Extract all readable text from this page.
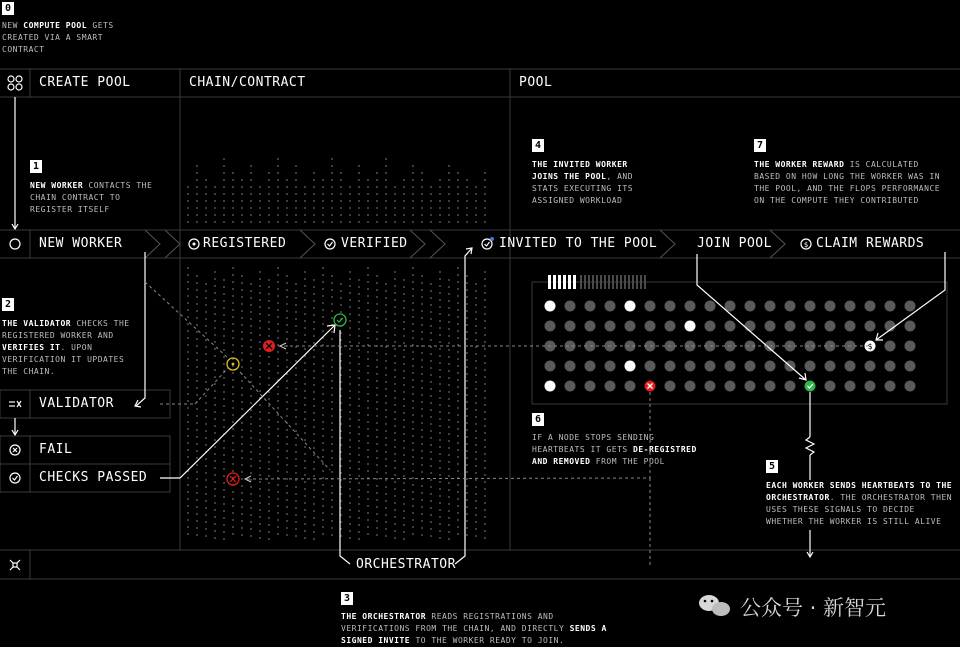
$
$
0
NEW COMPUTE POOL GETS CREATED VIA A SMART CONTRACT
CREATE POOL	CHAIN/CONTRACT	POOL
1
NEW WORKER CONTACTS THE CHAIN CONTRACT TO REGISTER ITSELF
2
THE VALIDATOR CHECKS THE REGISTERED WORKER AND VERIFIES IT. UPON VERIFICATION IT UPDATES THE CHAIN.
3
THE ORCHESTRATOR READS REGISTRATIONS AND VERIFICATIONS FROM THE CHAIN, AND DIRECTLY SENDS A SIGNED INVITE TO THE WORKER READY TO JOIN.
4
THE INVITED WORKER JOINS THE POOL, AND STATS EXECUTING ITS ASSIGNED WORKLOAD
7
THE WORKER REWARD IS CALCULATED BASED ON HOW LONG THE WORKER WAS IN THE POOL, AND THE FLOPS PERFORMANCE ON THE COMPUTE THEY CONTRIBUTED
6
IF A NODE STOPS SENDING HEARTBEATS IT GETS DE-REGISTRED AND REMOVED FROM THE POOL	5
EACH WORKER SENDS HEARTBEATS TO THE ORCHESTRATOR. THE ORCHESTRATOR THEN USES THESE SIGNALS TO DECIDE WHETHER THE WORKER IS STILL ALIVE
NEW WORKER	REGISTERED	VERIFIED	INVITED TO THE POOL	JOIN POOL	CLAIM REWARDS
VALIDATOR
FAIL
CHECKS PASSED
ORCHESTRATOR
公众号 · 新智元
